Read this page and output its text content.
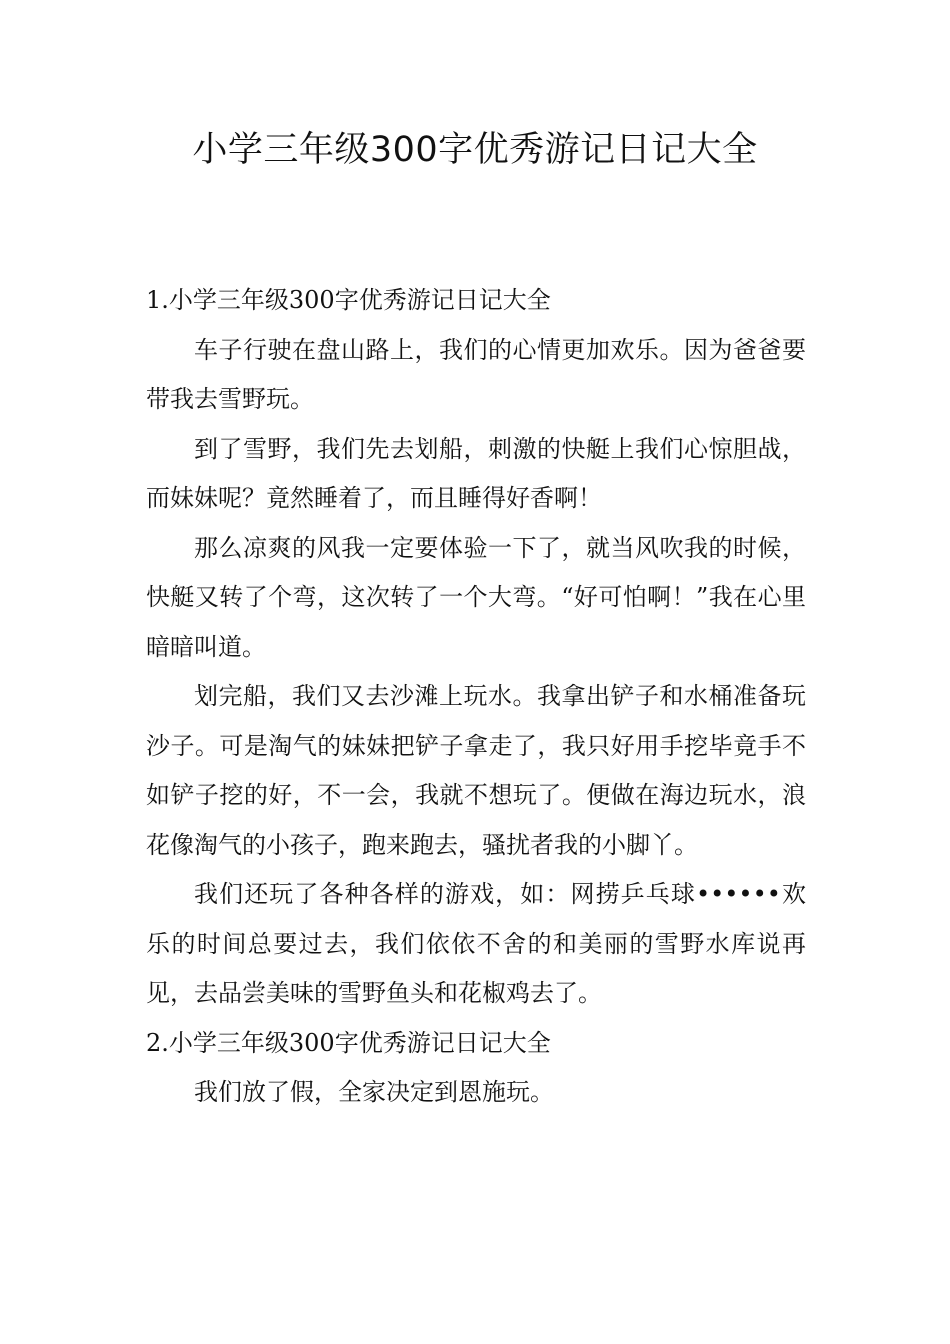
小学三年级300字优秀游记日记大全

1.小学三年级300字优秀游记日记大全

车子行驶在盘山路上，我们的心情更加欢乐。因为爸爸要带我去雪野玩。

到了雪野，我们先去划船，刺激的快艇上我们心惊胆战，而妹妹呢？竟然睡着了，而且睡得好香啊！

那么凉爽的风我一定要体验一下了，就当风吹我的时候，快艇又转了个弯，这次转了一个大弯。“好可怕啊！”我在心里暗暗叫道。

划完船，我们又去沙滩上玩水。我拿出铲子和水桶准备玩沙子。可是淘气的妹妹把铲子拿走了，我只好用手挖毕竟手不如铲子挖的好，不一会，我就不想玩了。便做在海边玩水，浪花像淘气的小孩子，跑来跑去，骚扰者我的小脚丫。

我们还玩了各种各样的游戏，如：网捞乒乓球••••••欢乐的时间总要过去，我们依依不舍的和美丽的雪野水库说再见，去品尝美味的雪野鱼头和花椒鸡去了。

2.小学三年级300字优秀游记日记大全

我们放了假，全家决定到恩施玩。
